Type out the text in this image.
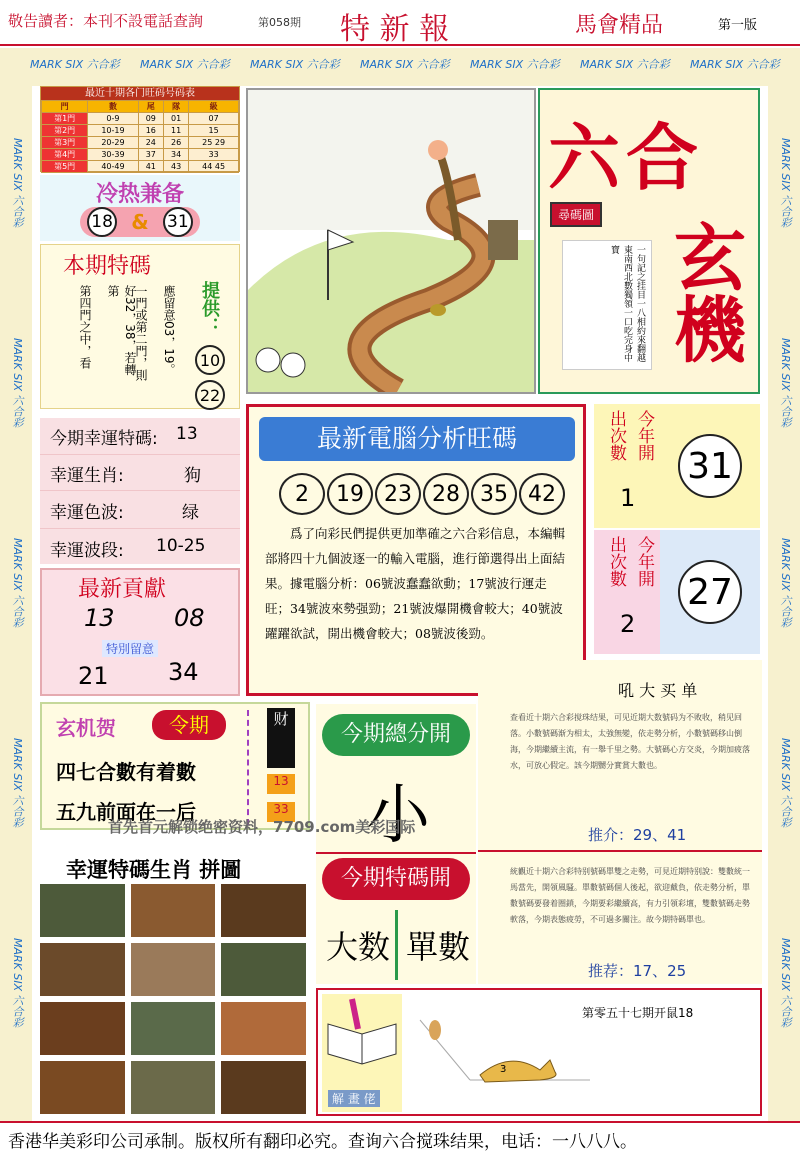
敬告讀者：本刊不設電話查詢	第058期 特 新 報	馬會精品	第一版
MARK SIX 六合彩 MARK SIX 六合彩 MARK SIX 六合彩 MARK SIX 六合彩 MARK SIX 六合彩 MARK SIX 六合彩 MARK SIX 六合彩
MARK SIX 六合彩
MARK SIX 六合彩
MARK SIX 六合彩
MARK SIX 六合彩
MARK SIX 六合彩
MARK SIX 六合彩
MARK SIX 六合彩
MARK SIX 六合彩
MARK SIX 六合彩
MARK SIX 六合彩
最近十期各门旺码号码表
門	數	尾	隊	級
第1門	0-9	09	01	07
第2門	10-19	16	11	15
第3門	20-29	24	26	25 29
第4門	30-39	37	34	33
第5門	40-49	41	43	44 45
冷热兼备
18 & 31
本期特碼
提供：
應留意03，19。
一門或第二門，則
好32，38，若轉第
第四門之中，看	10
22
今期幸運特碼: 13
幸運生肖:	狗
幸運色波:	绿
幸運波段: 10-25
最新貢獻
13 08
特別留意
21 34
六合
玄機
尋碼圖
一句記之挂目一八相約來翻越東南西北數獨領一口吃完身中寶
最新電腦分析旺碼
2	19 23 28 35 42
爲了向彩民們提供更加準確之六合彩信息，本編輯部將四十九個波逐一的輸入電腦，進行節選得出上面結果。據電腦分析：06號波蠢蠢欲動；17號波行運走旺；34號波來勢强勁；21號波爆開機會較大；40號波躍躍欲試，開出機會較大；08號波後勁。
出次數 今年開
1
31
出次數 今年開
2
27
吼 大 买 单
查看近十期六合彩搅珠结果，可见近期大数號码为不败收，稍见回落。小數號碼渐为相太，太強無變，依走勢分析，小數號碼移山倒海，今期繼續主流，有一舉千里之勢。大號碼心方交炎，今期加疲落水，可放心假定。該今期嬲分實賞大數也。
推介：29、41
統觀近十期六合彩特别號碼單雙之走勢，可見近期特别說：雙數統一馬當先，開領風騷。單數號碼個人後起，欲迎戴負，依走勢分析，單數號碼要發着圈鎖，今期要彩繼續高，有力引領彩壇，雙數號碼走勢軟落，今期表態疲勞，不可過多關注。故今期特碼單也。
推荐：17、25
今期總分開
小
今期特碼開
大数 單數
玄机贺	令期
四七合數有着數
五九前面在一后
财
13
33
幸運特碼生肖 拼圖
解 畫 佬
3
第零五十七期开鼠18
首先首元解锁绝密资料，7709.com美彩国际
香港华美彩印公司承制。版权所有翻印必究。查询六合搅珠结果，电话：一八八八。
